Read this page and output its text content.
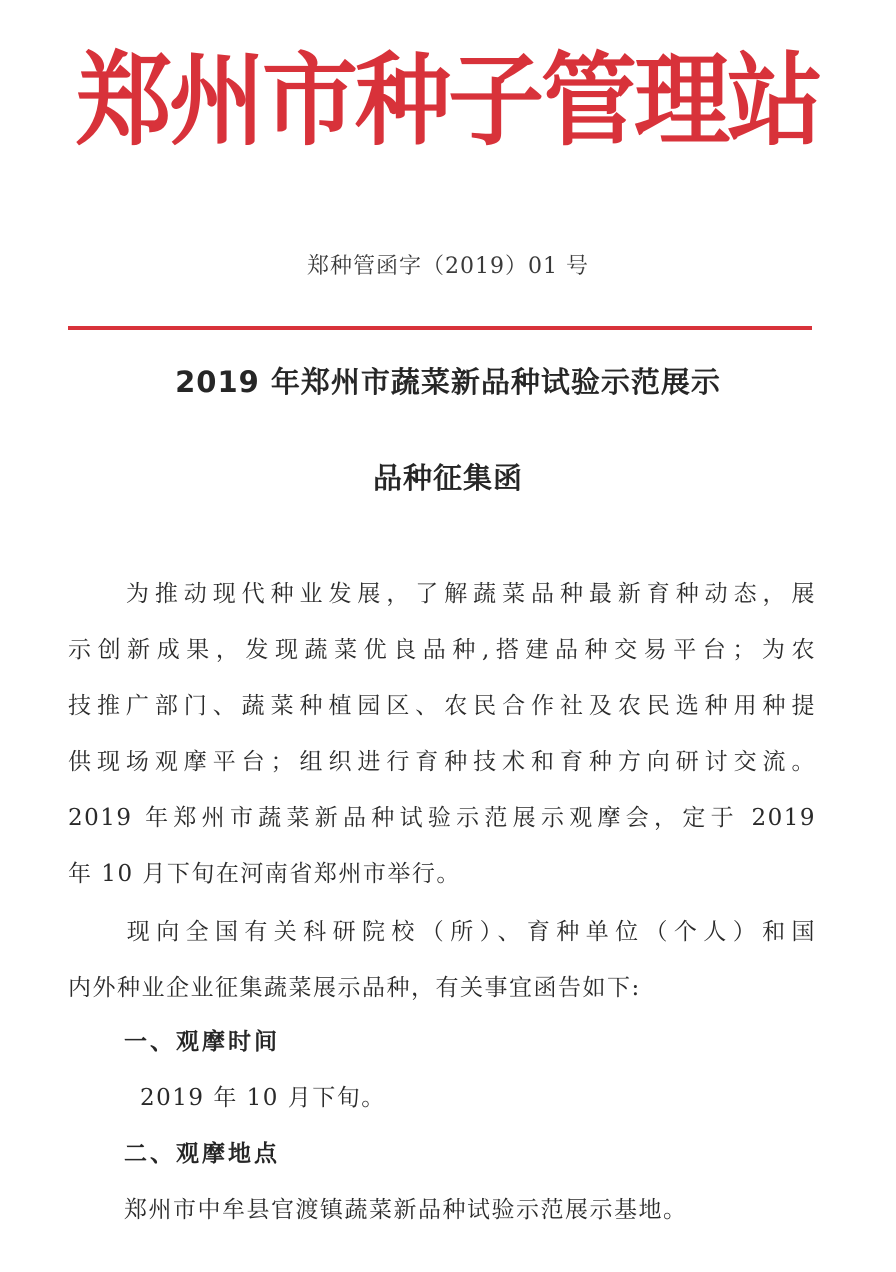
郑州市种子管理站
郑种管函字（2019）01 号
2019 年郑州市蔬菜新品种试验示范展示
品种征集函
　　为推动现代种业发展，了解蔬菜品种最新育种动态，展
示创新成果，发现蔬菜优良品种,搭建品种交易平台；为农
技推广部门、蔬菜种植园区、农民合作社及农民选种用种提
供现场观摩平台；组织进行育种技术和育种方向研讨交流。
2019 年郑州市蔬菜新品种试验示范展示观摩会，定于 2019
年 10 月下旬在河南省郑州市举行。
　　现向全国有关科研院校（所）、育种单位（个人）和国
内外种业企业征集蔬菜展示品种，有关事宜函告如下:
一、观摩时间
2019 年 10 月下旬。
二、观摩地点
郑州市中牟县官渡镇蔬菜新品种试验示范展示基地。
